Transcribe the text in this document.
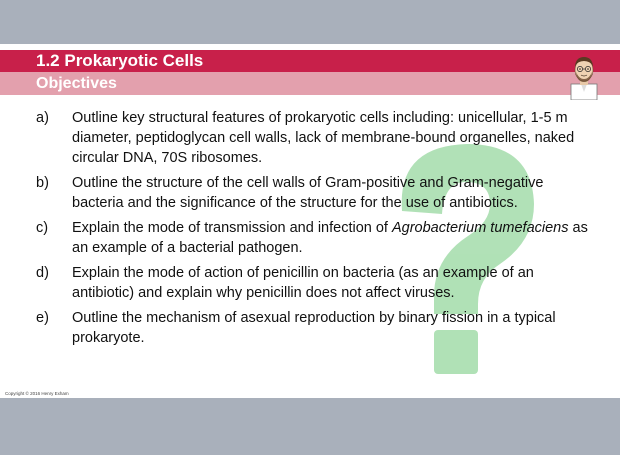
1.2 Prokaryotic Cells
Objectives
a) Outline key structural features of prokaryotic cells including: unicellular, 1-5 m diameter, peptidoglycan cell walls, lack of membrane-bound organelles, naked circular DNA, 70S ribosomes.
b) Outline the structure of the cell walls of Gram-positive and Gram-negative bacteria and the significance of the structure for the use of antibiotics.
c) Explain the mode of transmission and infection of Agrobacterium tumefaciens as an example of a bacterial pathogen.
d) Explain the mode of action of penicillin on bacteria (as an example of an antibiotic) and explain why penicillin does not affect viruses.
e) Outline the mechanism of asexual reproduction by binary fission in a typical prokaryote.
Copyright © 2016 Henry Exham
